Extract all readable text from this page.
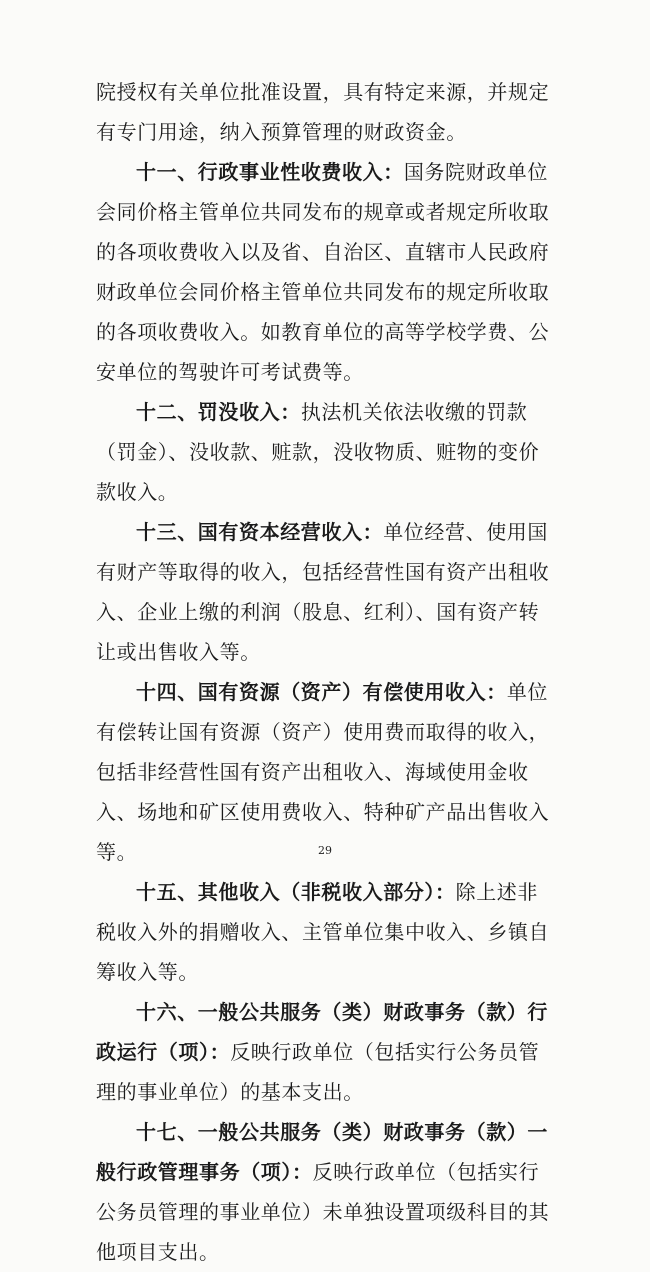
院授权有关单位批准设置，具有特定来源，并规定有专门用途，纳入预算管理的财政资金。

十一、行政事业性收费收入：国务院财政单位会同价格主管单位共同发布的规章或者规定所收取的各项收费收入以及省、自治区、直辖市人民政府财政单位会同价格主管单位共同发布的规定所收取的各项收费收入。如教育单位的高等学校学费、公安单位的驾驶许可考试费等。

十二、罚没收入：执法机关依法收缴的罚款（罚金）、没收款、赃款，没收物质、赃物的变价款收入。

十三、国有资本经营收入：单位经营、使用国有财产等取得的收入，包括经营性国有资产出租收入、企业上缴的利润（股息、红利）、国有资产转让或出售收入等。

十四、国有资源（资产）有偿使用收入：单位有偿转让国有资源（资产）使用费而取得的收入，包括非经营性国有资产出租收入、海域使用金收入、场地和矿区使用费收入、特种矿产品出售收入等。

十五、其他收入（非税收入部分）：除上述非税收入外的捐赠收入、主管单位集中收入、乡镇自筹收入等。

十六、一般公共服务（类）财政事务（款）行政运行（项）：反映行政单位（包括实行公务员管理的事业单位）的基本支出。

十七、一般公共服务（类）财政事务（款）一般行政管理事务（项）：反映行政单位（包括实行公务员管理的事业单位）未单独设置项级科目的其他项目支出。

29
